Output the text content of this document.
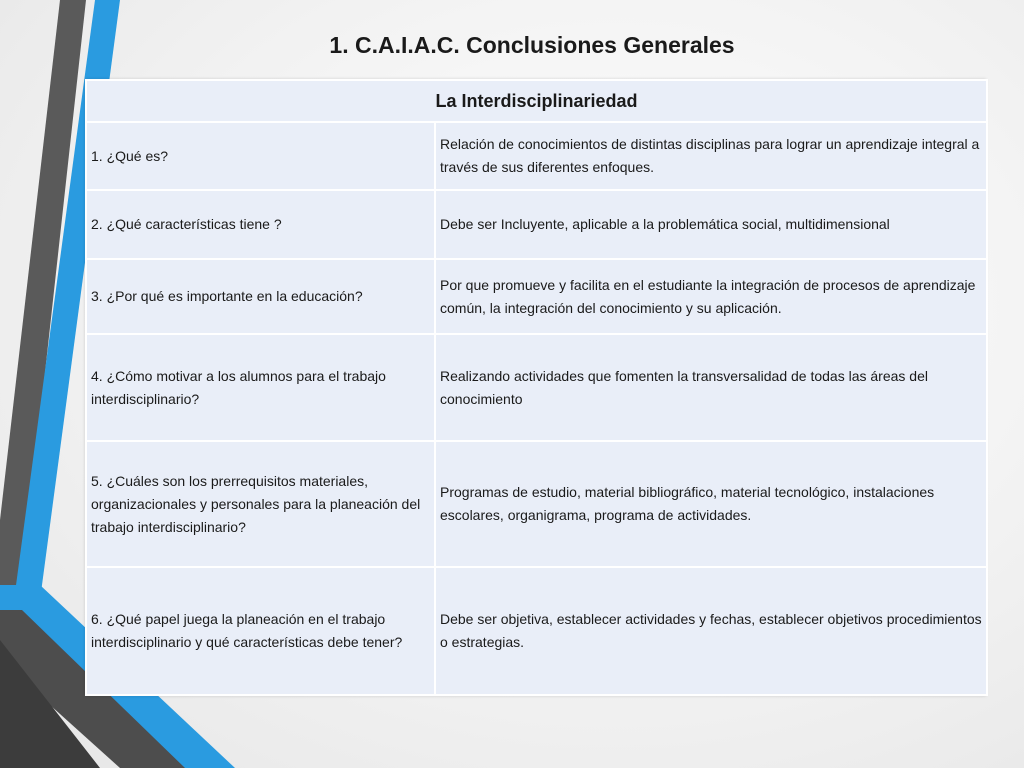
1. C.A.I.A.C. Conclusiones Generales
La Interdisciplinariedad	
1. ¿Qué es?	Relación de conocimientos de distintas disciplinas para lograr un aprendizaje integral a través de sus diferentes enfoques.
2. ¿Qué características tiene ?	Debe ser Incluyente, aplicable a la problemática social, multidimensional
3. ¿Por qué es importante en la educación?	Por que promueve y facilita en el estudiante la integración de procesos de aprendizaje común, la integración del conocimiento y su aplicación.
4. ¿Cómo motivar a los alumnos para el trabajo interdisciplinario?	Realizando actividades que fomenten la transversalidad de todas las áreas del conocimiento
5. ¿Cuáles son los prerrequisitos materiales, organizacionales y personales para la planeación del trabajo interdisciplinario?	Programas de estudio, material bibliográfico, material tecnológico, instalaciones escolares, organigrama, programa de actividades.
6. ¿Qué papel juega la planeación en el trabajo interdisciplinario y qué características debe tener?	Debe ser objetiva, establecer actividades y fechas, establecer objetivos procedimientos o estrategias.
